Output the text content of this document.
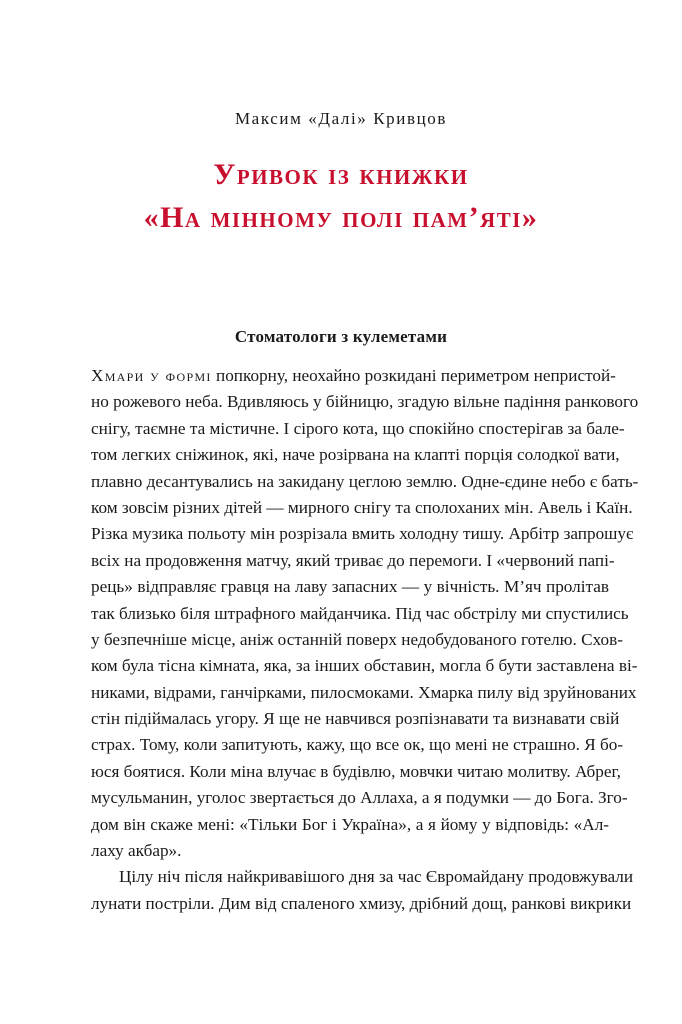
Максим «Далі» Кривцов
Уривок із книжки
«На мінному полі пам’яті»
Стоматологи з кулеметами
Хмари у формі попкорну, неохайно розкидані периметром непристой-
но рожевого неба. Вдивляюсь у бійницю, згадую вільне падіння ранкового
снігу, таємне та містичне. І сірого кота, що спокійно спостерігав за балe-
том легких сніжинок, які, наче розірвана на клапті порція солодкої вати,
плавно десантувались на закидану цеглою землю. Одне-єдине небо є бать-
ком зовсім різних дітей — мирного снігу та сполоханих мін. Авель і Каїн.
Різка музика польоту мін розрізала вмить холодну тишу. Арбітр запрошує
всіх на продовження матчу, який триває до перемоги. І «червоний папі-
рець» відправляє гравця на лаву запасних — у вічність. М’яч пролітав
так близько біля штрафного майданчика. Під час обстрілу ми спустились
у безпечніше місце, аніж останній поверх недобудованого готелю. Схов-
ком була тісна кімната, яка, за інших обставин, могла б бути заставлена ві-
никами, відрами, ганчірками, пилосмоками. Хмарка пилу від зруйнованих
стін підіймалась угору. Я ще не навчився розпізнавати та визнавати свій
страх. Тому, коли запитують, кажу, що все ок, що мені не страшно. Я бо-
юся боятися. Коли міна влучає в будівлю, мовчки читаю молитву. Абрег,
мусульманин, уголос звертається до Аллаха, а я подумки — до Бога. Зго-
дом він скаже мені: «Тільки Бог і Україна», а я йому у відповідь: «Ал-
лаху акбар».
Цілу ніч після найкривавішого дня за час Євромайдану продовжували
лунати постріли. Дим від спаленого хмизу, дрібний дощ, ранкові викрики
